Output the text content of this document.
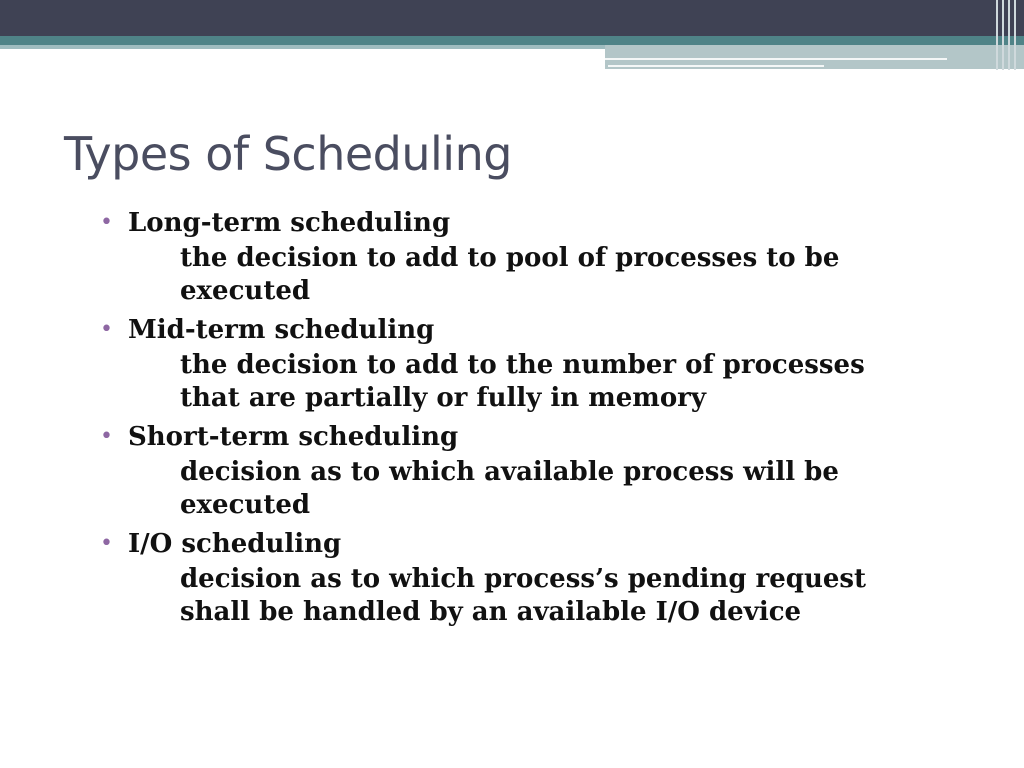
Types of Scheduling
• Long-term scheduling

the decision to add to pool of processes to be executed

• Mid-term scheduling

the decision to add to the number of processes that are partially or fully in memory

• Short-term scheduling

decision as to which available process will be executed

• I/O scheduling

decision as to which process’s pending request shall be handled by an available I/O device
